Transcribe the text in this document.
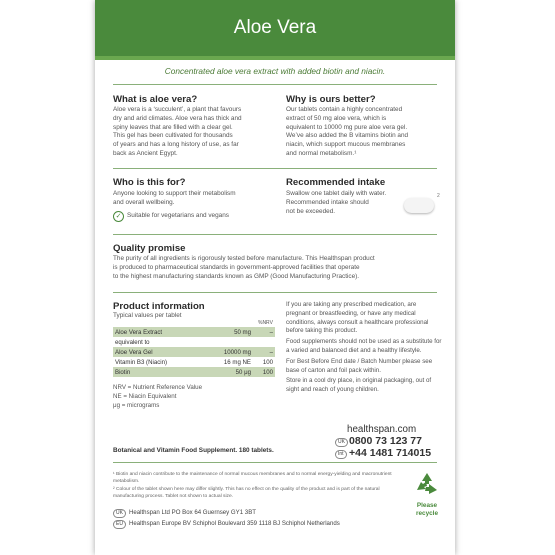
Aloe Vera
Concentrated aloe vera extract with added biotin and niacin.
What is aloe vera?
Aloe vera is a ‘succulent’, a plant that favours
dry and arid climates. Aloe vera has thick and
spiny leaves that are filled with a clear gel.
This gel has been cultivated for thousands
of years and has a long history of use, as far
back as Ancient Egypt.
Why is ours better?
Our tablets contain a highly concentrated
extract of 50 mg aloe vera, which is
equivalent to 10000 mg pure aloe vera gel.
We’ve also added the B vitamins biotin and
niacin, which support mucous membranes
and normal metabolism.¹
Who is this for?
Anyone looking to support their metabolism
and overall wellbeing.
✓ Suitable for vegetarians and vegans
Recommended intake
Swallow one tablet daily with water.
Recommended intake should
not be exceeded.
2
Quality promise
The purity of all ingredients is rigorously tested before manufacture. This Healthspan product
is produced to pharmaceutical standards in government-approved facilities that operate
to the highest manufacturing standards known as GMP (Good Manufacturing Practice).
Product information
Typical values per tablet
%NRV
Aloe Vera Extract	50 mg	–
equivalent to		
Aloe Vera Gel	10000 mg	–
Vitamin B3 (Niacin)	16 mg NE	100
Biotin	50 μg	100
NRV = Nutrient Reference Value
NE = Niacin Equivalent
μg = micrograms

If you are taking any prescribed medication, are pregnant or breastfeeding, or have any medical conditions, always consult a healthcare professional before taking this product.

Food supplements should not be used as a substitute for a varied and balanced diet and a healthy lifestyle.

For Best Before End date / Batch Number please see base of carton and foil pack within.

Store in a cool dry place, in original packaging, out of sight and reach of young children.

healthspan.com
UK 0800 73 123 77
Int +44 1481 714015
Botanical and Vitamin Food Supplement. 180 tablets.
¹ Biotin and niacin contribute to the maintenance of normal mucous membranes and to normal energy-yielding and macronutrient metabolism.
² Colour of the tablet shown here may differ slightly. This has no effect on the quality of the product and is part of the natural manufacturing process. Tablet not shown to actual size.
UK Healthspan Ltd PO Box 64 Guernsey GY1 3BT
EU Healthspan Europe BV Schiphol Boulevard 359 1118 BJ Schiphol Netherlands
Please
recycle
